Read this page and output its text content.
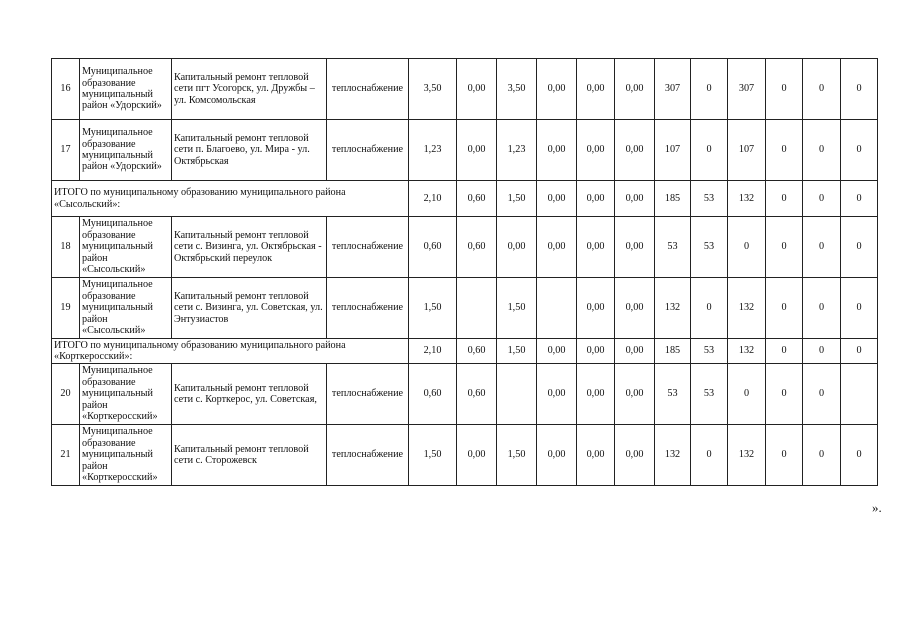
16	Муниципальное образование муниципальный район «Удорский»	Капитальный ремонт тепловой сети пгт Усогорск, ул. Дружбы – ул. Комсомольская	теплоснабжение	3,50	0,00	3,50	0,00	0,00	0,00	307	0	307	0	0	0
17	Муниципальное образование муниципальный район «Удорский»	Капитальный ремонт тепловой сети п. Благоево, ул. Мира - ул. Октябрьская	теплоснабжение	1,23	0,00	1,23	0,00	0,00	0,00	107	0	107	0	0	0
ИТОГО по муниципальному образованию муниципального района «Сысольский»:				2,10	0,60	1,50	0,00	0,00	0,00	185	53	132	0	0	0
18	Муниципальное образование муниципальный район «Сысольский»	Капитальный ремонт тепловой сети с. Визинга, ул. Октябрьская - Октябрьский переулок	теплоснабжение	0,60	0,60	0,00	0,00	0,00	0,00	53	53	0	0	0	0
19	Муниципальное образование муниципальный район «Сысольский»	Капитальный ремонт тепловой сети с. Визинга, ул. Советская, ул. Энтузиастов	теплоснабжение	1,50		1,50		0,00	0,00	132	0	132	0	0	0
ИТОГО по муниципальному образованию муниципального района «Корткеросский»:				2,10	0,60	1,50	0,00	0,00	0,00	185	53	132	0	0	0
20	Муниципальное образование муниципальный район «Корткеросский»	Капитальный ремонт тепловой сети с. Корткерос, ул. Советская,	теплоснабжение	0,60	0,60		0,00	0,00	0,00	53	53	0	0	0	
21	Муниципальное образование муниципальный район «Корткеросский»	Капитальный ремонт тепловой сети с. Сторожевск	теплоснабжение	1,50	0,00	1,50	0,00	0,00	0,00	132	0	132	0	0	0
».
